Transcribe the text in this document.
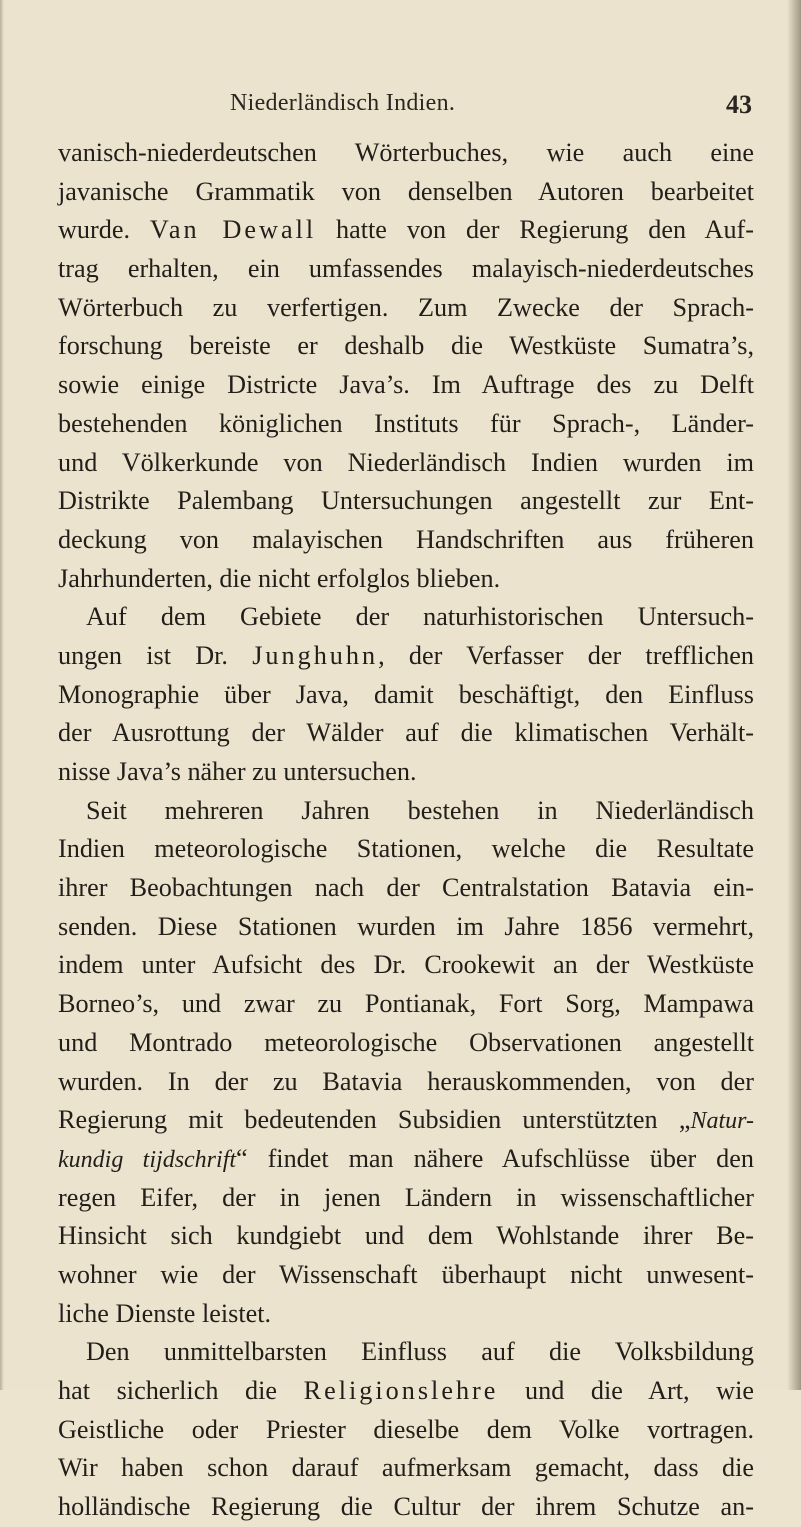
Niederländisch Indien.	43
vanisch-niederdeutschen Wörterbuches, wie auch eine
javanische Grammatik von denselben Autoren bearbeitet
wurde. Van Dewall hatte von der Regierung den Auf-
trag erhalten, ein umfassendes malayisch-niederdeutsches
Wörterbuch zu verfertigen. Zum Zwecke der Sprach-
forschung bereiste er deshalb die Westküste Sumatra’s,
sowie einige Districte Java’s. Im Auftrage des zu Delft
bestehenden königlichen Instituts für Sprach-, Länder-
und Völkerkunde von Niederländisch Indien wurden im
Distrikte Palembang Untersuchungen angestellt zur Ent-
deckung von malayischen Handschriften aus früheren
Jahrhunderten, die nicht erfolglos blieben.
Auf dem Gebiete der naturhistorischen Untersuch-
ungen ist Dr. Junghuhn, der Verfasser der trefflichen
Monographie über Java, damit beschäftigt, den Einfluss
der Ausrottung der Wälder auf die klimatischen Verhält-
nisse Java’s näher zu untersuchen.
Seit mehreren Jahren bestehen in Niederländisch
Indien meteorologische Stationen, welche die Resultate
ihrer Beobachtungen nach der Centralstation Batavia ein-
senden. Diese Stationen wurden im Jahre 1856 vermehrt,
indem unter Aufsicht des Dr. Crookewit an der Westküste
Borneo’s, und zwar zu Pontianak, Fort Sorg, Mampawa
und Montrado meteorologische Observationen angestellt
wurden. In der zu Batavia herauskommenden, von der
Regierung mit bedeutenden Subsidien unterstützten „Natur-
kundig tijdschrift“ findet man nähere Aufschlüsse über den
regen Eifer, der in jenen Ländern in wissenschaftlicher
Hinsicht sich kundgiebt und dem Wohlstande ihrer Be-
wohner wie der Wissenschaft überhaupt nicht unwesent-
liche Dienste leistet.
Den unmittelbarsten Einfluss auf die Volksbildung
hat sicherlich die Religionslehre und die Art, wie
Geistliche oder Priester dieselbe dem Volke vortragen.
Wir haben schon darauf aufmerksam gemacht, dass die
holländische Regierung die Cultur der ihrem Schutze an-
